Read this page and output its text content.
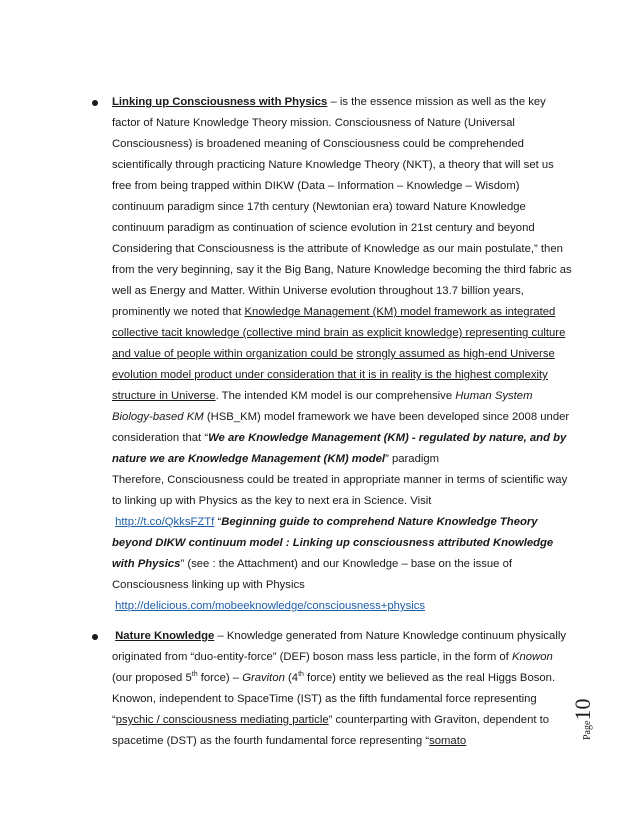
Linking up Consciousness with Physics – is the essence mission as well as the key factor of Nature Knowledge Theory mission. Consciousness of Nature (Universal Consciousness) is broadened meaning of Consciousness could be comprehended scientifically through practicing Nature Knowledge Theory (NKT), a theory that will set us free from being trapped within DIKW (Data – Information – Knowledge – Wisdom) continuum paradigm since 17th century (Newtonian era) toward Nature Knowledge continuum paradigm as continuation of science evolution in 21st century and beyond Considering that Consciousness is the attribute of Knowledge as our main postulate,” then from the very beginning, say it the Big Bang, Nature Knowledge becoming the third fabric as well as Energy and Matter. Within Universe evolution throughout 13.7 billion years, prominently we noted that Knowledge Management (KM) model framework as integrated collective tacit knowledge (collective mind brain as explicit knowledge) representing culture and value of people within organization could be strongly assumed as high-end Universe evolution model product under consideration that it is in reality is the highest complexity structure in Universe. The intended KM model is our comprehensive Human System Biology-based KM (HSB_KM) model framework we have been developed since 2008 under consideration that “We are Knowledge Management (KM) - regulated by nature, and by nature we are Knowledge Management (KM) model” paradigm
Therefore, Consciousness could be treated in appropriate manner in terms of scientific way to linking up with Physics as the key to next era in Science. Visit
http://t.co/QkksFZTf “Beginning guide to comprehend Nature Knowledge Theory beyond DIKW continuum model : Linking up consciousness attributed Knowledge with Physics” (see : the Attachment) and our Knowledge – base on the issue of Consciousness linking up with Physics
http://delicious.com/mobeeknowledge/consciousness+physics

Nature Knowledge – Knowledge generated from Nature Knowledge continuum physically originated from “duo-entity-force” (DEF) boson mass less particle, in the form of Knowon (our proposed 5th force) – Graviton (4th force) entity we believed as the real Higgs Boson. Knowon, independent to SpaceTime (IST) as the fifth fundamental force representing “psychic / consciousness mediating particle” counterparting with Graviton, dependent to spacetime (DST) as the fourth fundamental force representing “somato

Page10
